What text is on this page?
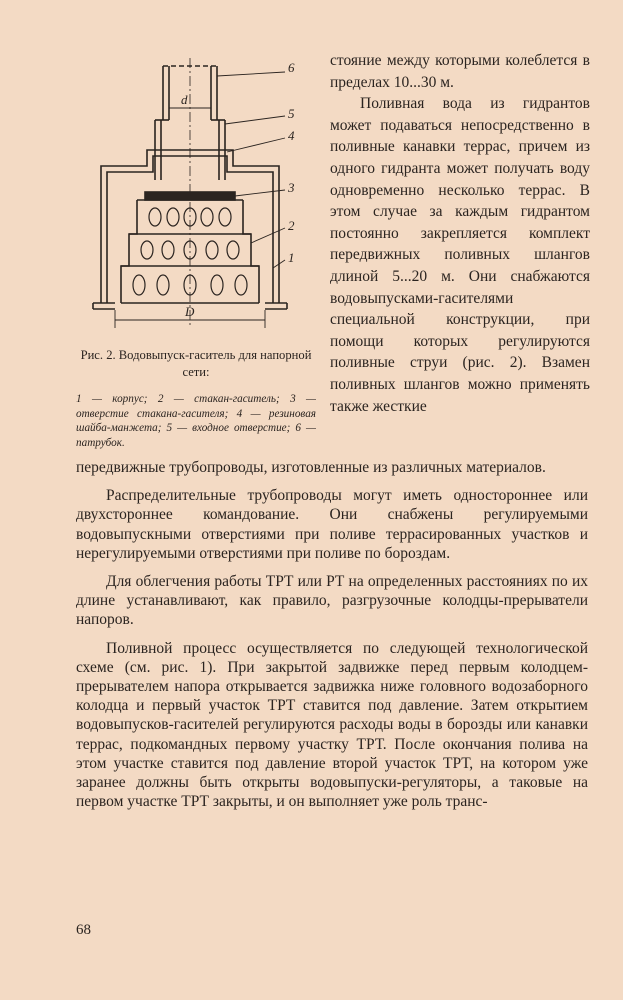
6
d
5
4
3
2
1
D

Рис. 2. Водовыпуск-гаситель для напорной сети:

1 — корпус; 2 — стакан-гаситель; 3 — отверстие стакана-гасителя; 4 — резиновая шайба-манжета; 5 — входное отверстие; 6 — патрубок.

стояние между которыми колеблется в пределах 10...30 м.

Поливная вода из гидрантов может подаваться непосредственно в поливные канавки террас, причем из одного гидранта может получать воду одновременно несколько террас. В этом случае за каждым гидрантом постоянно закрепляется комплект передвижных поливных шлангов длиной 5...20 м. Они снабжаются водовыпусками-гасителями специальной конструкции, при помощи которых регулируются поливные струи (рис. 2). Взамен поливных шлангов можно применять также жесткие

передвижные трубопроводы, изготовленные из различных материалов.

Распределительные трубопроводы могут иметь одностороннее или двухстороннее командование. Они снабжены регулируемыми водовыпускными отверстиями при поливе террасированных участков и нерегулируемыми отверстиями при поливе по бороздам.

Для облегчения работы ТРТ или РТ на определенных расстояниях по их длине устанавливают, как правило, разгрузочные колодцы-прерыватели напоров.

Поливной процесс осуществляется по следующей технологической схеме (см. рис. 1). При закрытой задвижке перед первым колодцем-прерывателем напора открывается задвижка ниже головного водозаборного колодца и первый участок ТРТ ставится под давление. Затем открытием водовыпусков-гасителей регулируются расходы воды в борозды или канавки террас, подкомандных первому участку ТРТ. После окончания полива на этом участке ставится под давление второй участок ТРТ, на котором уже заранее должны быть открыты водовыпуски-регуляторы, а таковые на первом участке ТРТ закрыты, и он выполняет уже роль транс-

68
